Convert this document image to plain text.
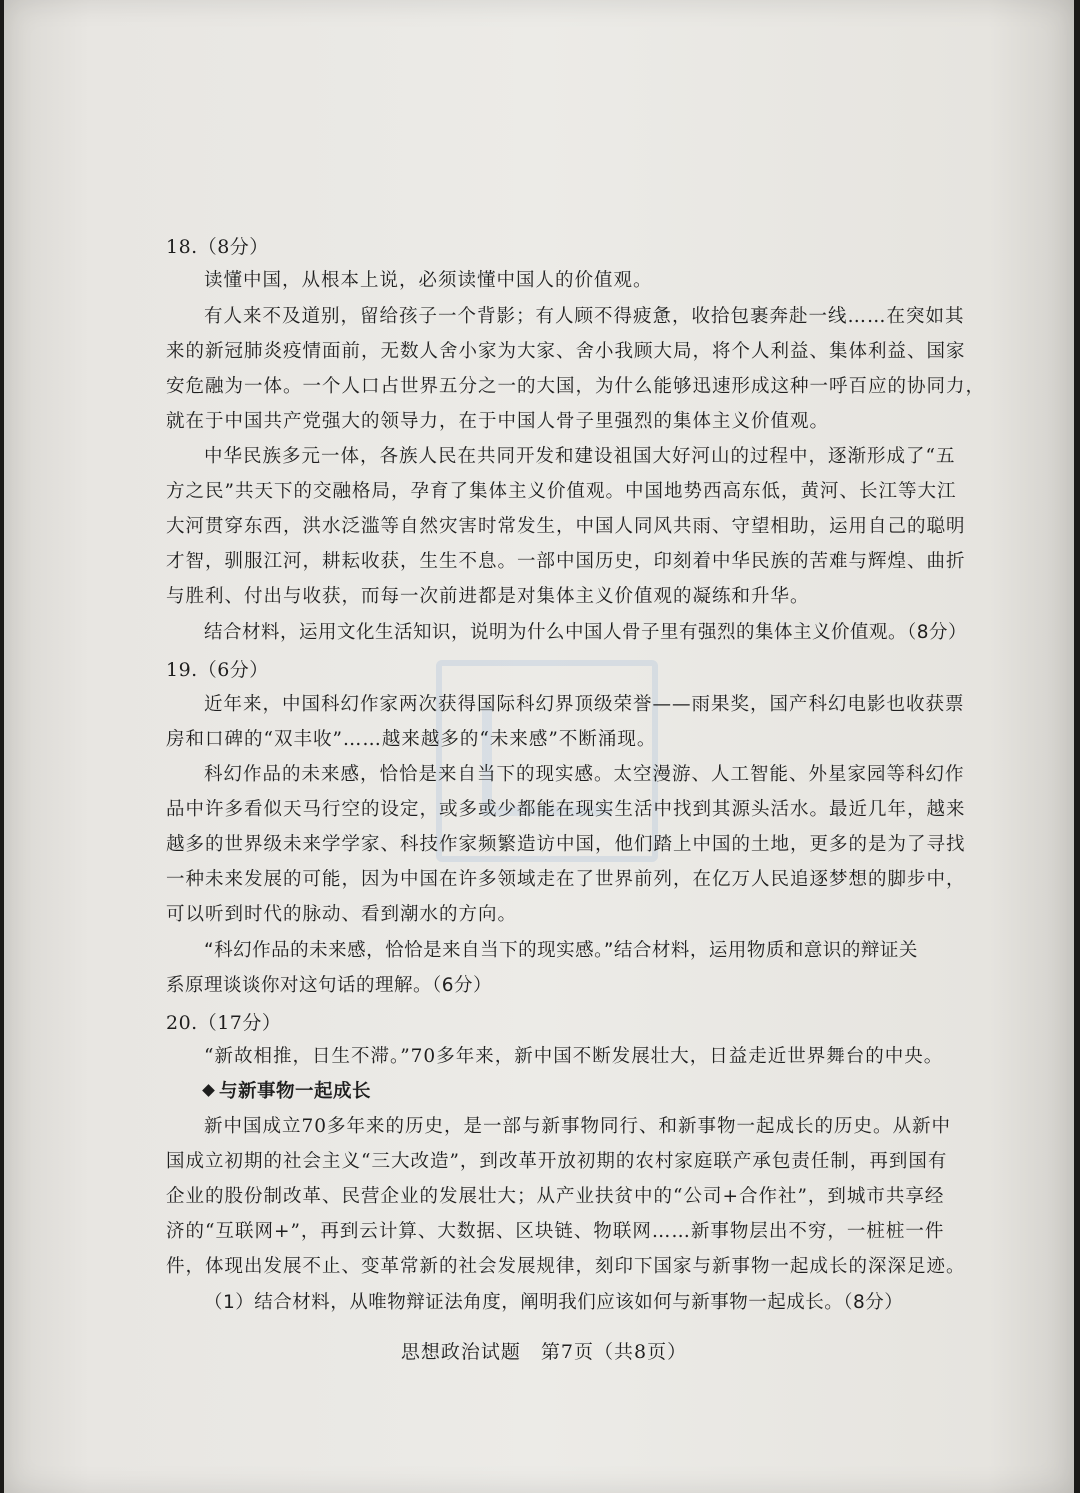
18.（8分）
读懂中国，从根本上说，必须读懂中国人的价值观。
有人来不及道别，留给孩子一个背影；有人顾不得疲惫，收拾包裹奔赴一线……在突如其
来的新冠肺炎疫情面前，无数人舍小家为大家、舍小我顾大局，将个人利益、集体利益、国家
安危融为一体。一个人口占世界五分之一的大国，为什么能够迅速形成这种一呼百应的协同力，
就在于中国共产党强大的领导力，在于中国人骨子里强烈的集体主义价值观。
中华民族多元一体，各族人民在共同开发和建设祖国大好河山的过程中，逐渐形成了“五
方之民”共天下的交融格局，孕育了集体主义价值观。中国地势西高东低，黄河、长江等大江
大河贯穿东西，洪水泛滥等自然灾害时常发生，中国人同风共雨、守望相助，运用自己的聪明
才智，驯服江河，耕耘收获，生生不息。一部中国历史，印刻着中华民族的苦难与辉煌、曲折
与胜利、付出与收获，而每一次前进都是对集体主义价值观的凝练和升华。
结合材料，运用文化生活知识，说明为什么中国人骨子里有强烈的集体主义价值观。（8分）
19.（6分）
近年来，中国科幻作家两次获得国际科幻界顶级荣誉——雨果奖，国产科幻电影也收获票
房和口碑的“双丰收”……越来越多的“未来感”不断涌现。
科幻作品的未来感，恰恰是来自当下的现实感。太空漫游、人工智能、外星家园等科幻作
品中许多看似天马行空的设定，或多或少都能在现实生活中找到其源头活水。最近几年，越来
越多的世界级未来学学家、科技作家频繁造访中国，他们踏上中国的土地，更多的是为了寻找
一种未来发展的可能，因为中国在许多领域走在了世界前列，在亿万人民追逐梦想的脚步中，
可以听到时代的脉动、看到潮水的方向。
“科幻作品的未来感，恰恰是来自当下的现实感。”结合材料，运用物质和意识的辩证关
系原理谈谈你对这句话的理解。（6分）
20.（17分）
“新故相推，日生不滞。”70多年来，新中国不断发展壮大，日益走近世界舞台的中央。
与新事物一起成长
新中国成立70多年来的历史，是一部与新事物同行、和新事物一起成长的历史。从新中
国成立初期的社会主义“三大改造”，到改革开放初期的农村家庭联产承包责任制，再到国有
企业的股份制改革、民营企业的发展壮大；从产业扶贫中的“公司+合作社”，到城市共享经
济的“互联网+”，再到云计算、大数据、区块链、物联网……新事物层出不穷，一桩桩一件
件，体现出发展不止、变革常新的社会发展规律，刻印下国家与新事物一起成长的深深足迹。
（1）结合材料，从唯物辩证法角度，阐明我们应该如何与新事物一起成长。（8分）
思想政治试题　第7页（共8页）
